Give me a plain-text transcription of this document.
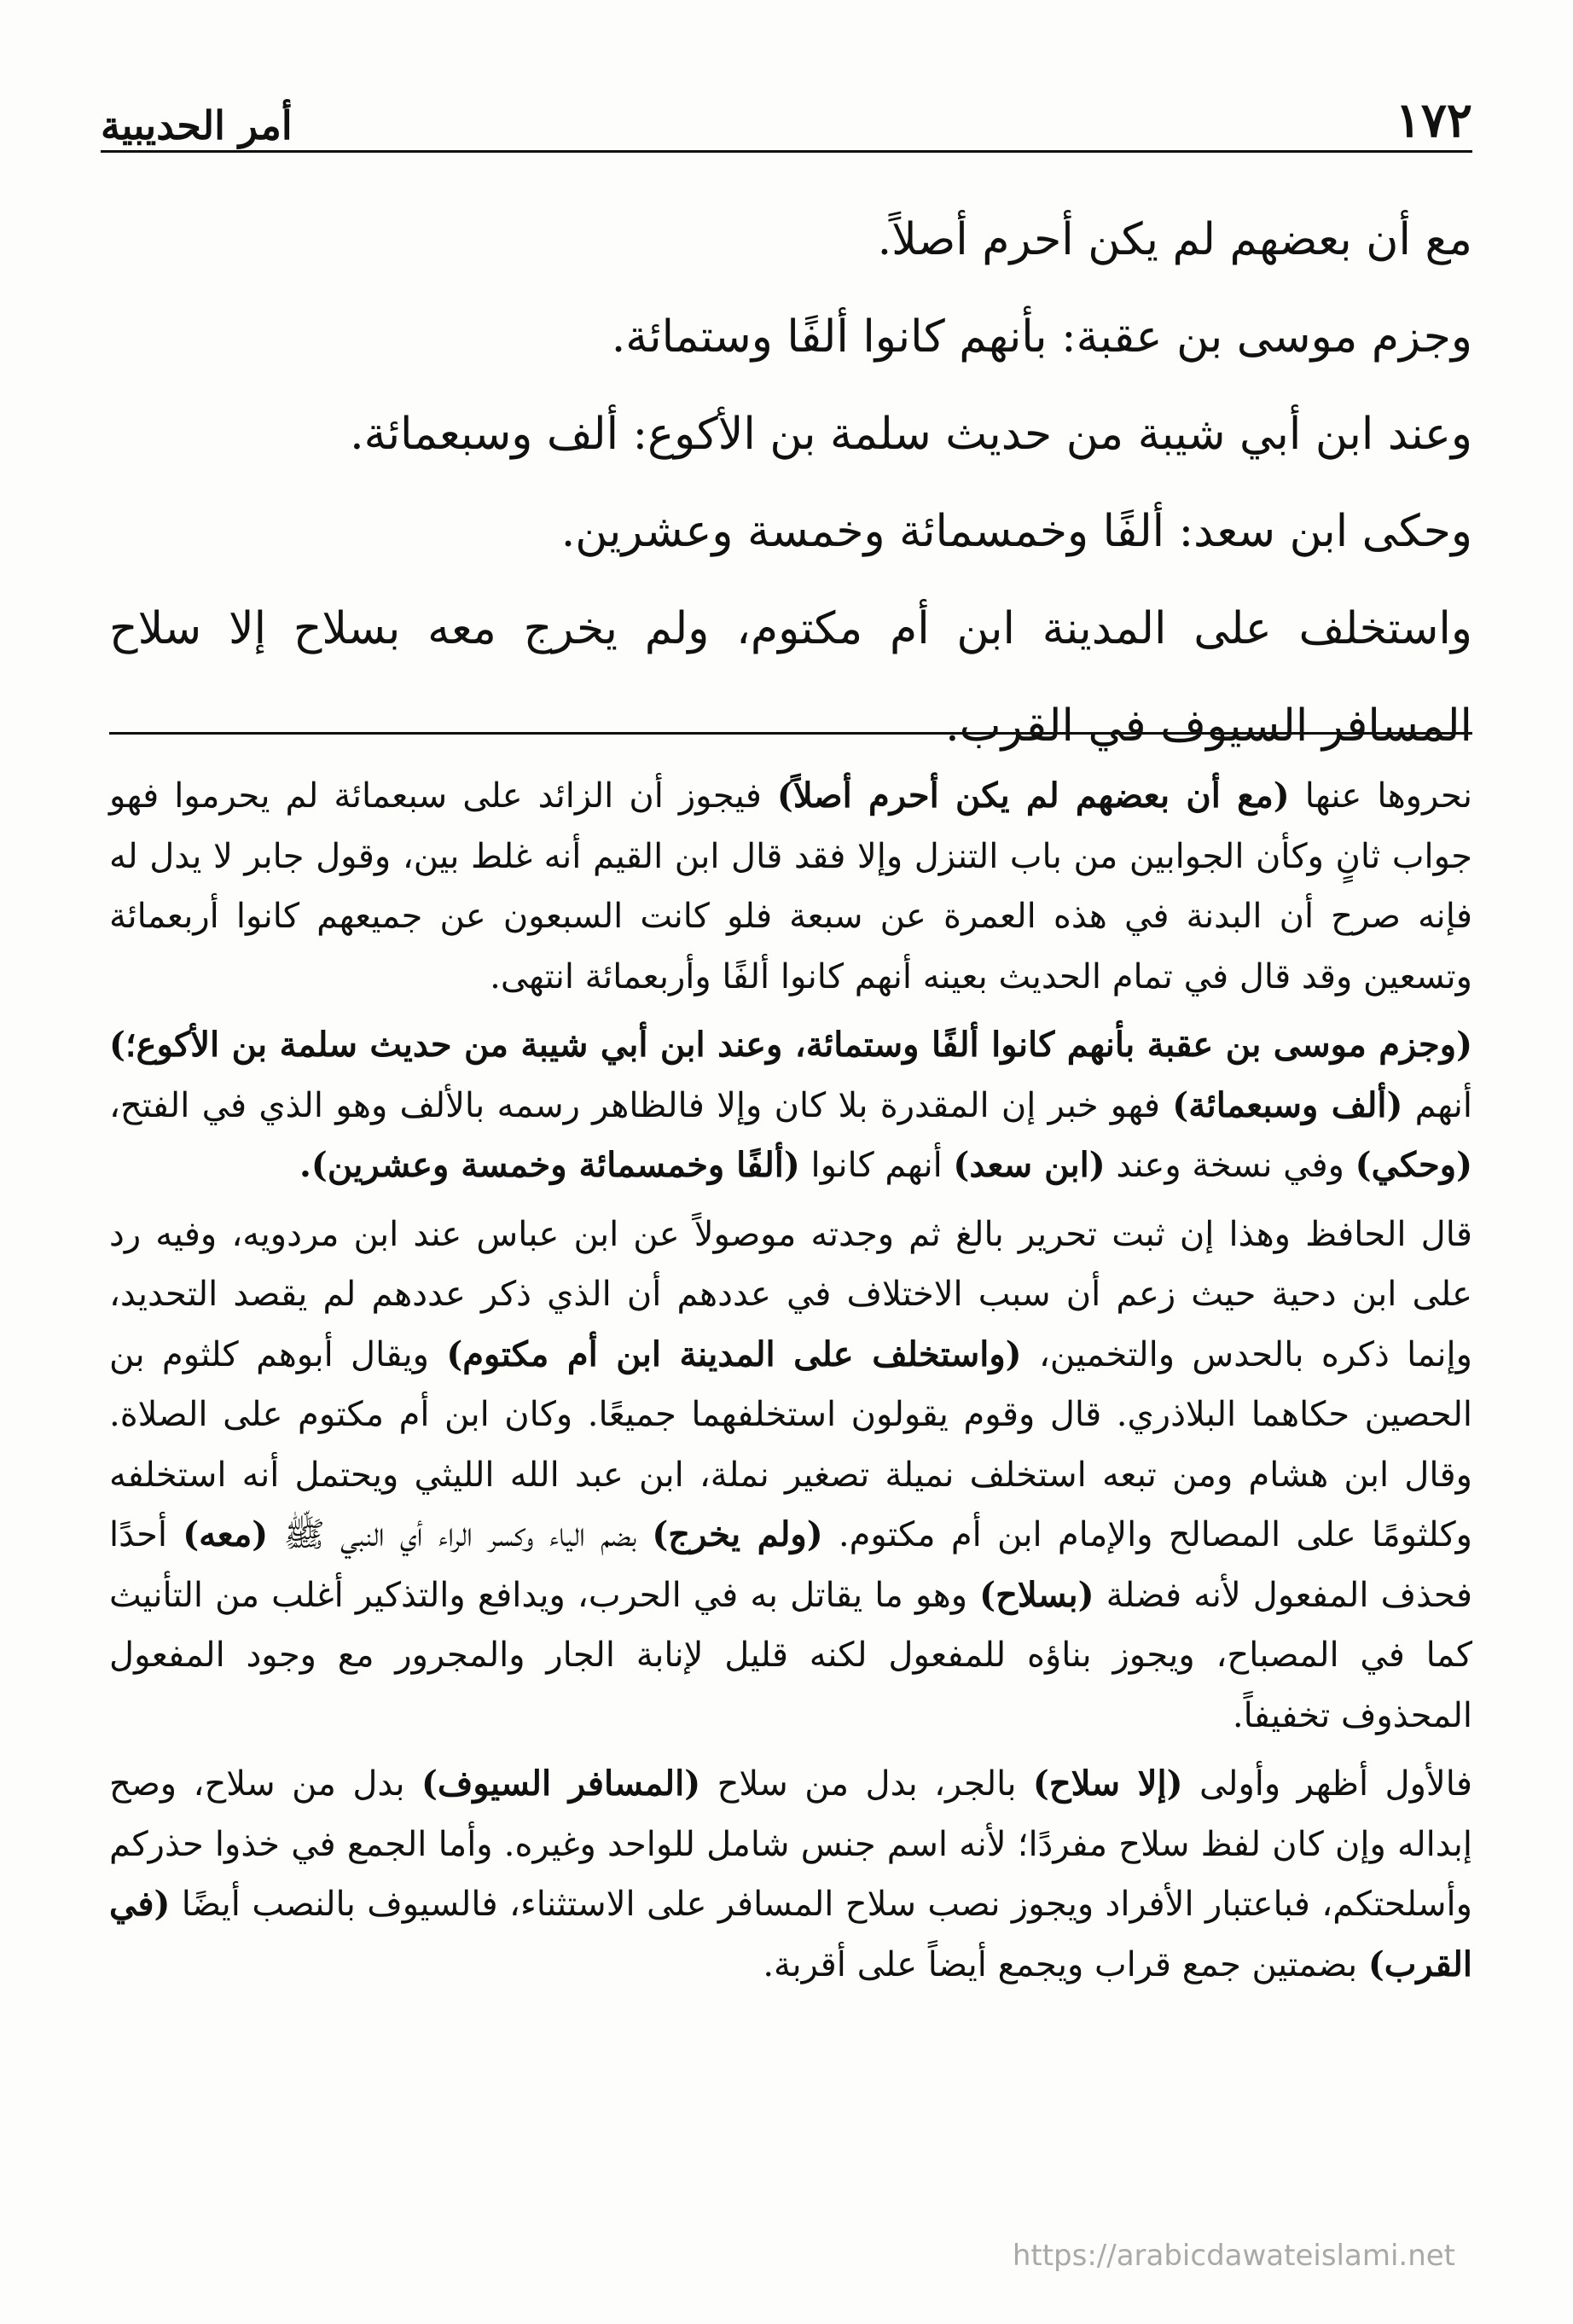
١٧٢
أمر الحديبية

مع أن بعضهم لم يكن أحرم أصلاً.

وجزم موسى بن عقبة: بأنهم كانوا ألفًا وستمائة.

وعند ابن أبي شيبة من حديث سلمة بن الأكوع: ألف وسبعمائة.

وحكى ابن سعد: ألفًا وخمسمائة وخمسة وعشرين.

واستخلف على المدينة ابن أم مكتوم، ولم يخرج معه بسلاح إلا سلاح المسافر السيوف في القرب.

نحروها عنها (مع أن بعضهم لم يكن أحرم أصلاً) فيجوز أن الزائد على سبعمائة لم يحرموا فهو جواب ثانٍ وكأن الجوابين من باب التنزل وإلا فقد قال ابن القيم أنه غلط بين، وقول جابر لا يدل له فإنه صرح أن البدنة في هذه العمرة عن سبعة فلو كانت السبعون عن جميعهم كانوا أربعمائة وتسعين وقد قال في تمام الحديث بعينه أنهم كانوا ألفًا وأربعمائة انتهى.

(وجزم موسى بن عقبة بأنهم كانوا ألفًا وستمائة، وعند ابن أبي شيبة من حديث سلمة بن الأكوع؛) أنهم (ألف وسبعمائة) فهو خبر إن المقدرة بلا كان وإلا فالظاهر رسمه بالألف وهو الذي في الفتح، (وحكي) وفي نسخة وعند (ابن سعد) أنهم كانوا (ألفًا وخمسمائة وخمسة وعشرين).

قال الحافظ وهذا إن ثبت تحرير بالغ ثم وجدته موصولاً عن ابن عباس عند ابن مردويه، وفيه رد على ابن دحية حيث زعم أن سبب الاختلاف في عددهم أن الذي ذكر عددهم لم يقصد التحديد، وإنما ذكره بالحدس والتخمين، (واستخلف على المدينة ابن أم مكتوم) ويقال أبوهم كلثوم بن الحصين حكاهما البلاذري. قال وقوم يقولون استخلفهما جميعًا. وكان ابن أم مكتوم على الصلاة. وقال ابن هشام ومن تبعه استخلف نميلة تصغير نملة، ابن عبد الله الليثي ويحتمل أنه استخلفه وكلثومًا على المصالح والإمام ابن أم مكتوم. (ولم يخرج) بضم الياء وكسر الراء أي النبي ﷺ (معه) أحدًا فحذف المفعول لأنه فضلة (بسلاح) وهو ما يقاتل به في الحرب، ويدافع والتذكير أغلب من التأنيث كما في المصباح، ويجوز بناؤه للمفعول لكنه قليل لإنابة الجار والمجرور مع وجود المفعول المحذوف تخفيفاً.

فالأول أظهر وأولى (إلا سلاح) بالجر، بدل من سلاح (المسافر السيوف) بدل من سلاح، وصح إبداله وإن كان لفظ سلاح مفردًا؛ لأنه اسم جنس شامل للواحد وغيره. وأما الجمع في خذوا حذركم وأسلحتكم، فباعتبار الأفراد ويجوز نصب سلاح المسافر على الاستثناء، فالسيوف بالنصب أيضًا (في القرب) بضمتين جمع قراب ويجمع أيضاً على أقربة.

https://arabicdawateislami.net
